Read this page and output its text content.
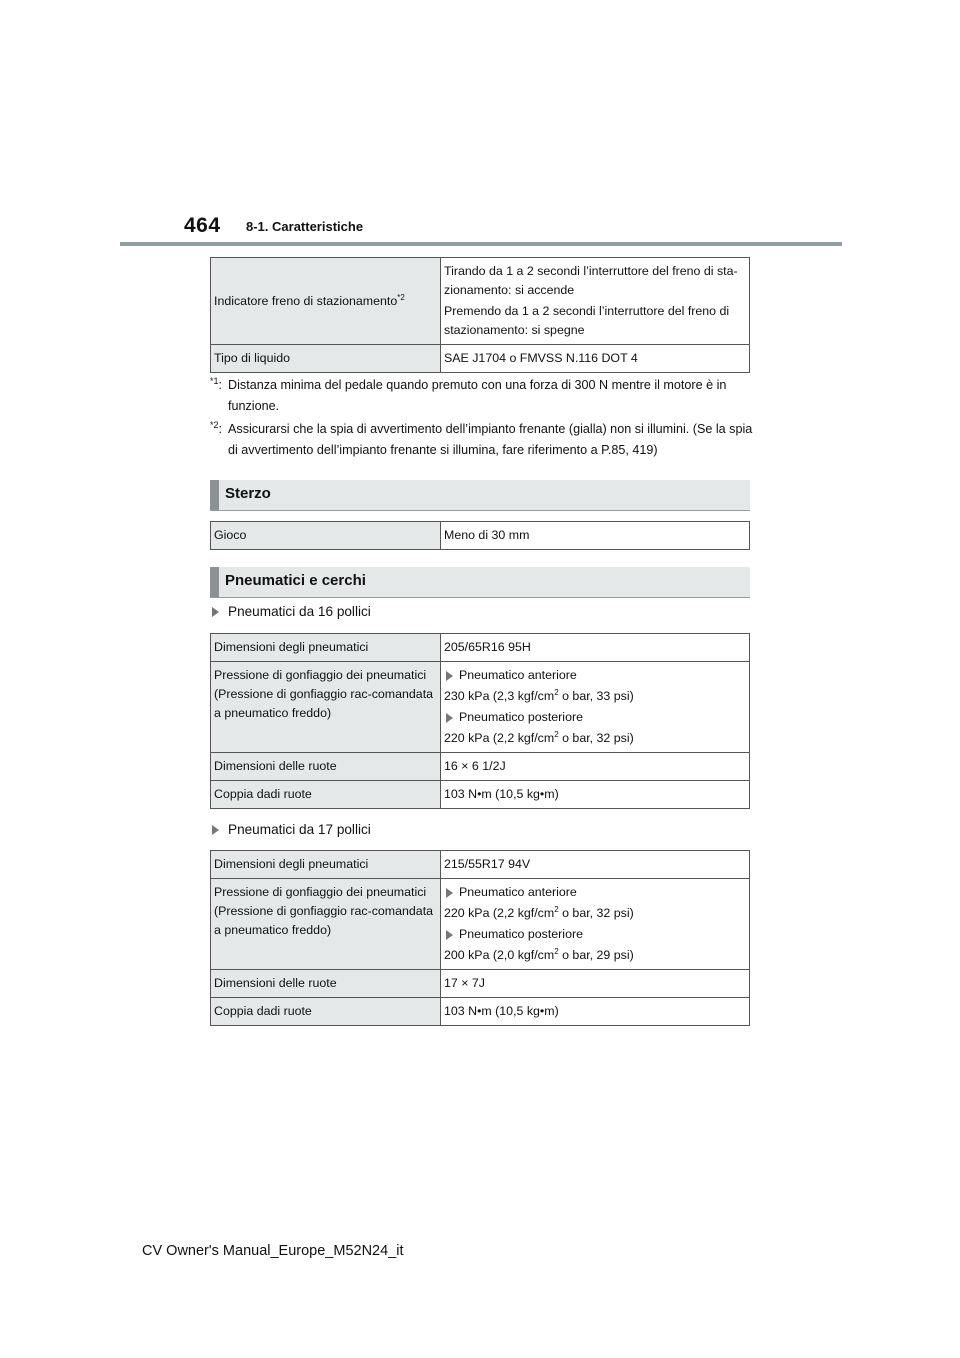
464 8-1. Caratteristiche
Indicatore freno di stazionamento$^{*2}$	Tirando da 1 a 2 secondi l’interruttore del freno di sta-zionamento: si accende

Premendo da 1 a 2 secondi l’interruttore del freno di stazionamento: si spegne

Tipo di liquido	SAE J1704 o FMVSS N.116 DOT 4
$^{*1}$: Distanza minima del pedale quando premuto con una forza di 300 N mentre il motore è in funzione.
$^{*2}$: Assicurarsi che la spia di avvertimento dell’impianto frenante (gialla) non si illumini. (Se la spia di avvertimento dell’impianto frenante si illumina, fare riferimento a P.85, 419)
Sterzo
Gioco	Meno di 30 mm
Pneumatici e cerchi
Pneumatici da 16 pollici
Dimensioni degli pneumatici	205/65R16 95H
Pressione di gonfiaggio dei pneumatici (Pressione di gonfiaggio rac-comandata a pneumatico freddo)	Pneumatico anteriore

230 kPa (2,3 kgf/$cm^2$ o bar, 33 psi)

Pneumatico posteriore

220 kPa (2,2 kgf/$cm^2$ o bar, 32 psi)

Dimensioni delle ruote	16 × 6 1/2J
Coppia dadi ruote	103 N•m (10,5 kg•m)
Pneumatici da 17 pollici
Dimensioni degli pneumatici	215/55R17 94V
Pressione di gonfiaggio dei pneumatici (Pressione di gonfiaggio rac-comandata a pneumatico freddo)	Pneumatico anteriore

220 kPa (2,2 kgf/$cm^2$ o bar, 32 psi)

Pneumatico posteriore

200 kPa (2,0 kgf/$cm^2$ o bar, 29 psi)

Dimensioni delle ruote	17 × 7J
Coppia dadi ruote	103 N•m (10,5 kg•m)
CV Owner's Manual_Europe_M52N24_it
